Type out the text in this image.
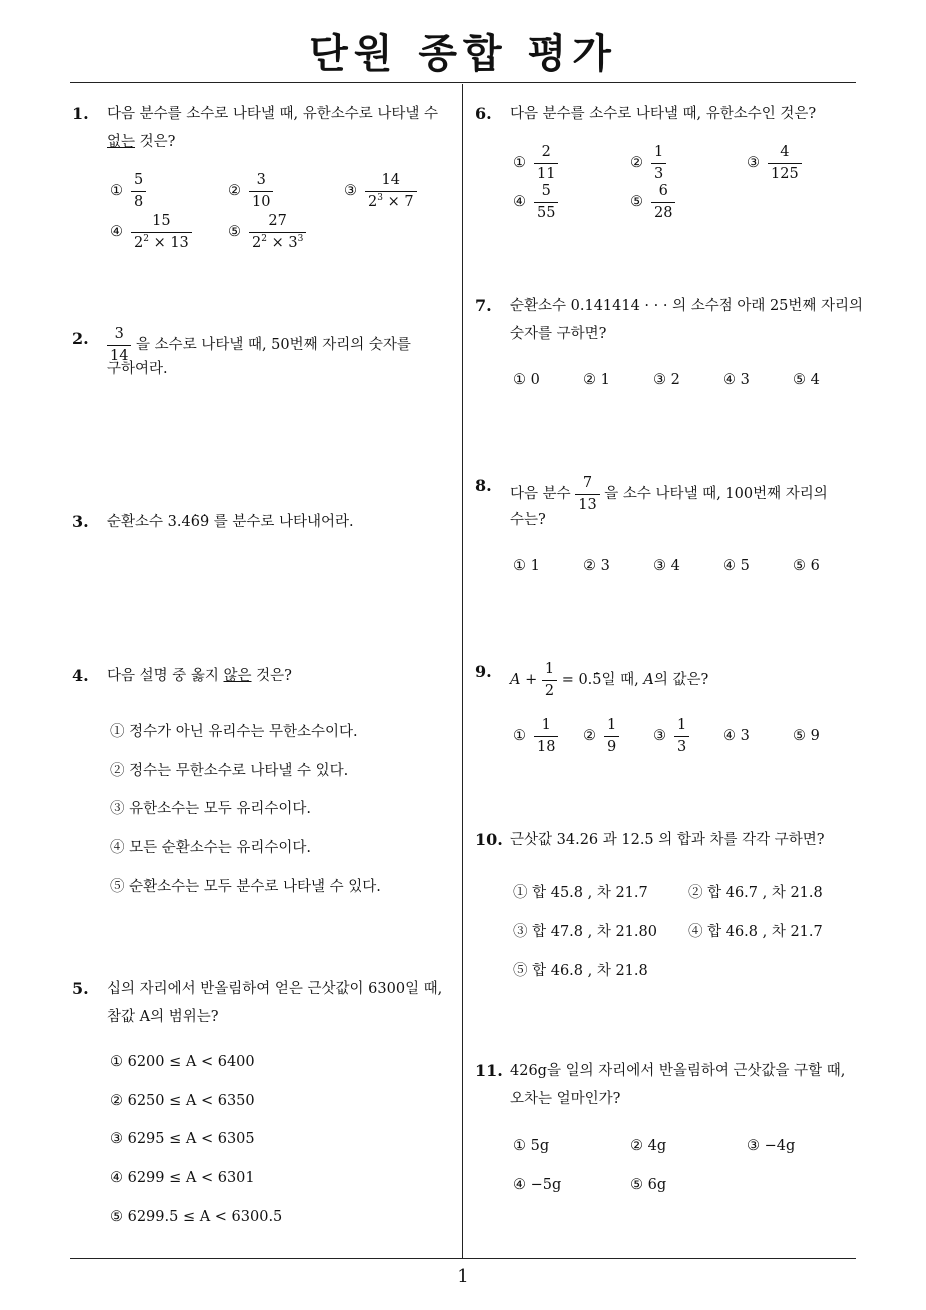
단원 종합 평가
1. 다음 분수를 소수로 나타낼 때, 유한소수로 나타낼 수
없는 것은?
① $\frac{5}{8}$	② $\frac{3}{10}$	③ $\frac{14}{2^3 \times 7}$
④ $\frac{15}{2^2 \times 13}$ ⑤ $\frac{27}{2^2 \times 3^3}$
2. $\frac{3}{14}$ 을 소수로 나타낼 때, 50번째 자리의 숫자를
구하여라.
3. 순환소수 3.4· 6· 9 를 분수로 나타내어라.
4. 다음 설명 중 옳지 않은 것은?
① 정수가 아닌 유리수는 무한소수이다.
② 정수는 무한소수로 나타낼 수 있다.
③ 유한소수는 모두 유리수이다.
④ 모든 순환소수는 유리수이다.
⑤ 순환소수는 모두 분수로 나타낼 수 있다.
5. 십의 자리에서 반올림하여 얻은 근삿값이 6300일 때,
참값 A의 범위는?
① 6200 ≤ A < 6400
② 6250 ≤ A < 6350
③ 6295 ≤ A < 6305
④ 6299 ≤ A < 6301
⑤ 6299.5 ≤ A < 6300.5
6. 다음 분수를 소수로 나타낼 때, 유한소수인 것은?
① $\frac{2}{11}$	② $\frac{1}{3}$	③ $\frac{4}{125}$
④ $\frac{5}{55}$	⑤ $\frac{6}{28}$
7. 순환소수 0.141414 · · · 의 소수점 아래 25번째 자리의
숫자를 구하면?
① 0	② 1	③ 2	④ 3	⑤ 4
8. 다음 분수 $\frac{7}{13}$ 을 소수 나타낼 때, 100번째 자리의
수는?
① 1	② 3	③ 4	④ 5	⑤ 6
9. $A + \frac{1}{2} = 0.\cdot 5$일 때, A의 값은?
① $\frac{1}{18}$ ② $\frac{1}{9}$ ③ $\frac{1}{3}$ ④ 3	⑤ 9
10. 근삿값 34.26 과 12.5 의 합과 차를 각각 구하면?
① 합 45.8 , 차 21.7	② 합 46.7 , 차 21.8
③ 합 47.8 , 차 21.80 ④ 합 46.8 , 차 21.7
⑤ 합 46.8 , 차 21.8
11. 426g을 일의 자리에서 반올림하여 근삿값을 구할 때,
오차는 얼마인가?
① 5g	② 4g	③ −4g
④ −5g	⑤ 6g
1
